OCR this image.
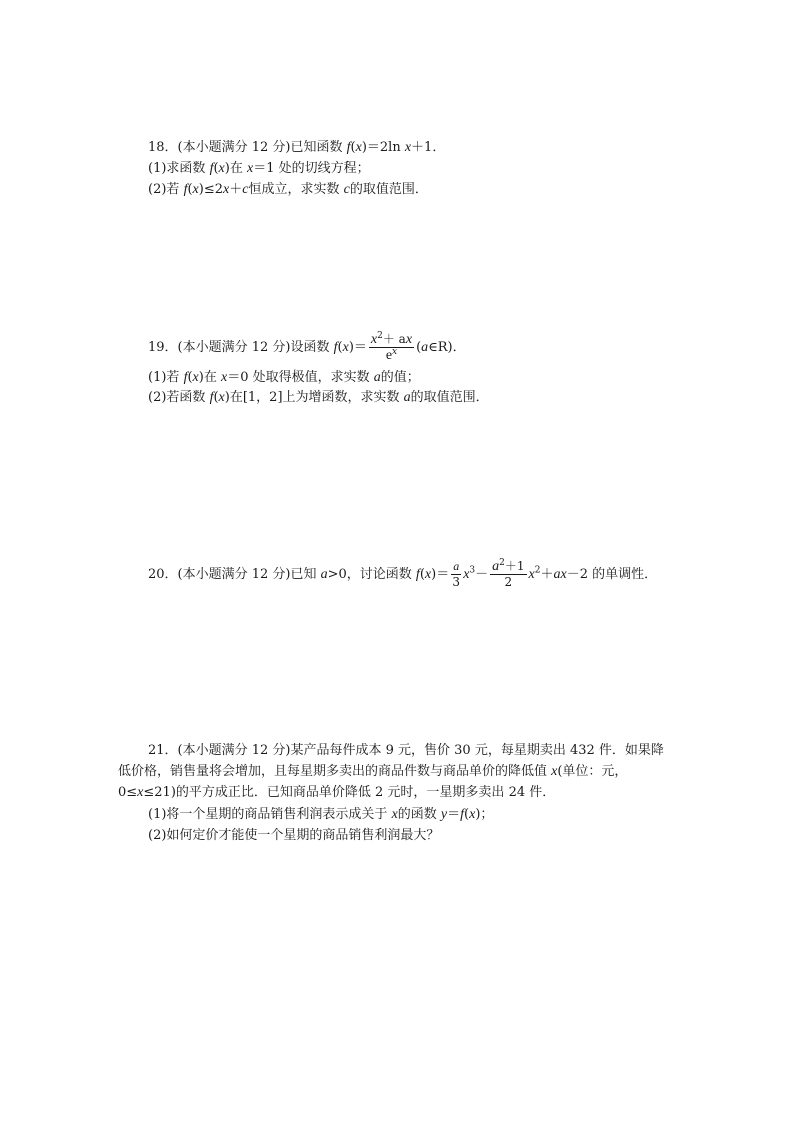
18．(本小题满分 12 分)已知函数 f(x)＝2ln x＋1．
(1)求函数 f(x)在 x＝1 处的切线方程；
(2)若 f(x)≤2x＋c恒成立，求实数 c的取值范围．
19．(本小题满分 12 分)设函数 $f(x)= \frac{x^2+ ax}{e^x}$ (a∈R)．
(1)若 f(x)在 x＝0 处取得极值，求实数 a的值；
(2)若函数 f(x)在[1，2]上为增函数，求实数 a的取值范围．
20．(本小题满分 12 分)已知 a>0，讨论函数 $f(x)= \frac{a}{3} x^3- \frac{a^2+1}{2} x^2+ax-2$ 的单调性．
21．(本小题满分 12 分)某产品每件成本 9 元，售价 30 元，每星期卖出 432 件．如果降
低价格，销售量将会增加，且每星期多卖出的商品件数与商品单价的降低值 x(单位：元，
0≤x≤21)的平方成正比．已知商品单价降低 2 元时，一星期多卖出 24 件．
(1)将一个星期的商品销售利润表示成关于 x的函数 y＝f(x)；
(2)如何定价才能使一个星期的商品销售利润最大？
